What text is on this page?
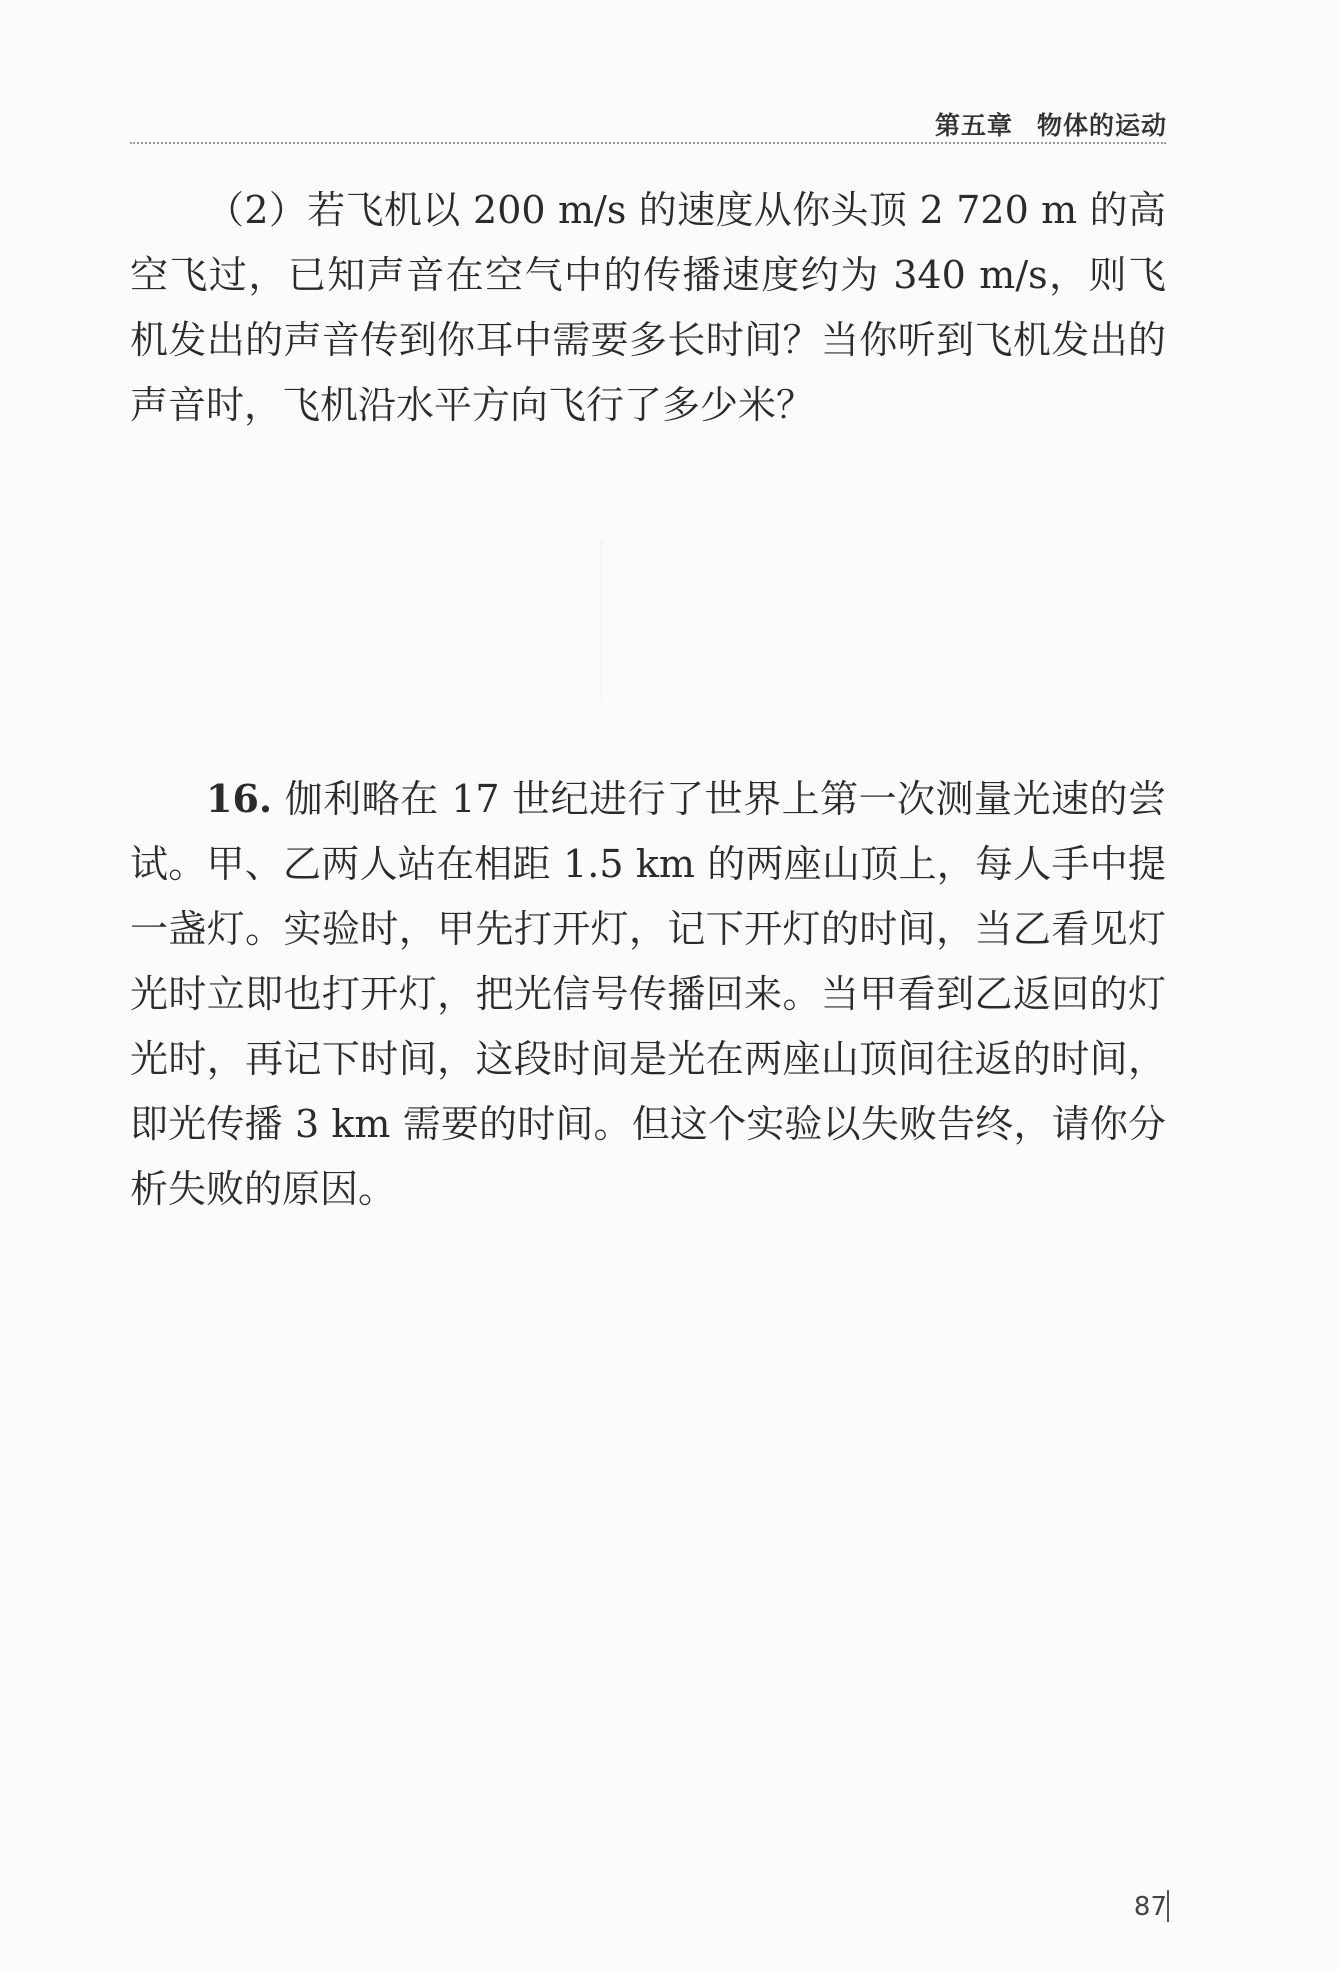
第五章 物体的运动

（2）若飞机以 200 m/s 的速度从你头顶 2 720 m 的高空飞过，已知声音在空气中的传播速度约为 340 m/s，则飞机发出的声音传到你耳中需要多长时间？当你听到飞机发出的声音时，飞机沿水平方向飞行了多少米？

16. 伽利略在 17 世纪进行了世界上第一次测量光速的尝试。甲、乙两人站在相距 1.5 km 的两座山顶上，每人手中提一盏灯。实验时，甲先打开灯，记下开灯的时间，当乙看见灯光时立即也打开灯，把光信号传播回来。当甲看到乙返回的灯光时，再记下时间，这段时间是光在两座山顶间往返的时间，即光传播 3 km 需要的时间。但这个实验以失败告终，请你分析失败的原因。

87
